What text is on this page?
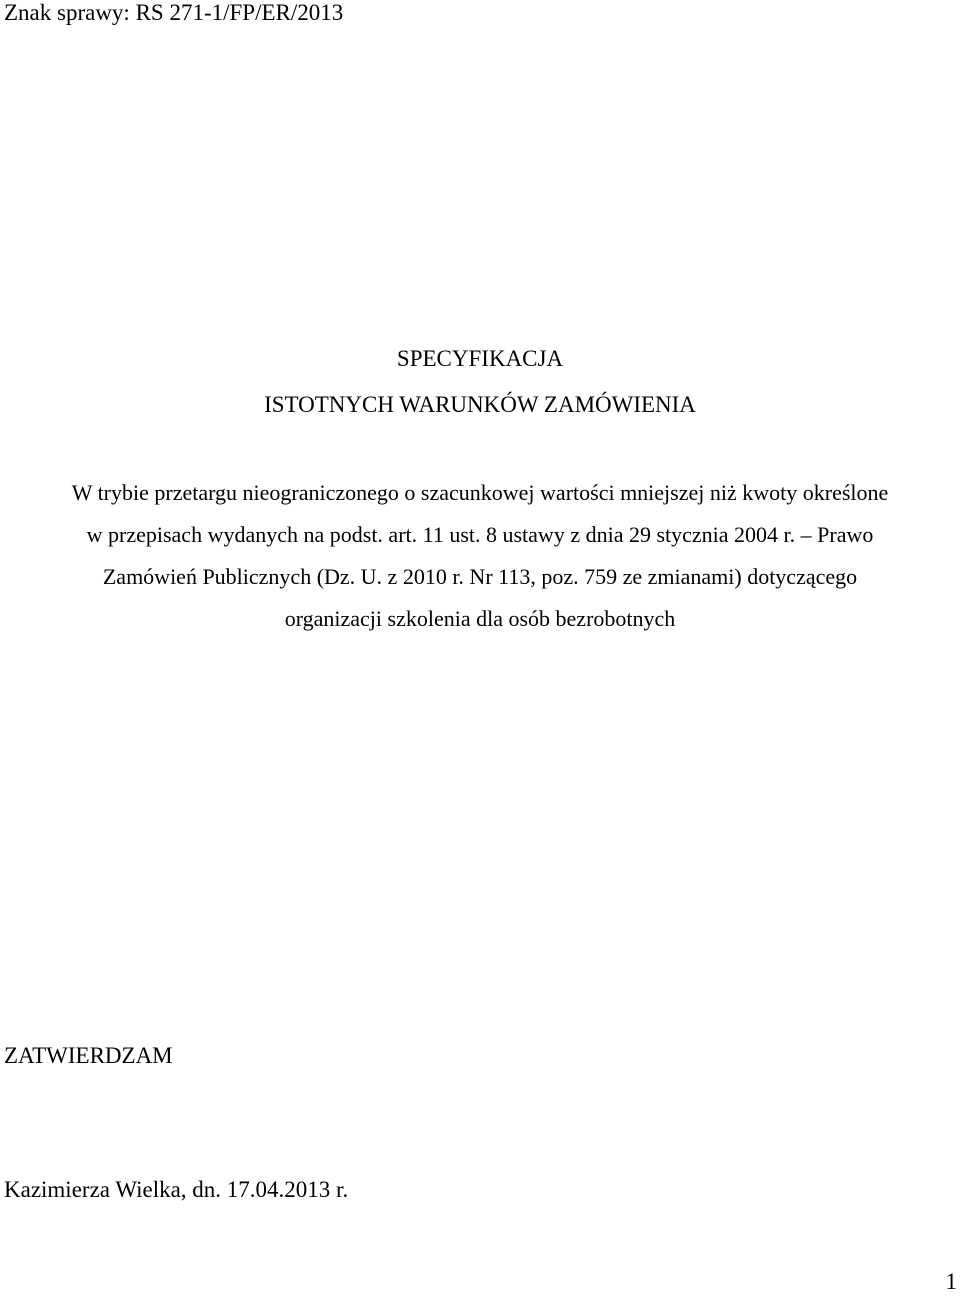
Znak sprawy: RS 271-1/FP/ER/2013
SPECYFIKACJA
ISTOTNYCH WARUNKÓW ZAMÓWIENIA
W trybie przetargu nieograniczonego o szacunkowej wartości mniejszej niż kwoty określone
w przepisach wydanych na podst. art. 11 ust. 8 ustawy z dnia 29 stycznia 2004 r. – Prawo
Zamówień Publicznych (Dz. U. z 2010 r. Nr 113, poz. 759 ze zmianami) dotyczącego
organizacji szkolenia dla osób bezrobotnych
ZATWIERDZAM
Kazimierza Wielka, dn. 17.04.2013 r.
1
